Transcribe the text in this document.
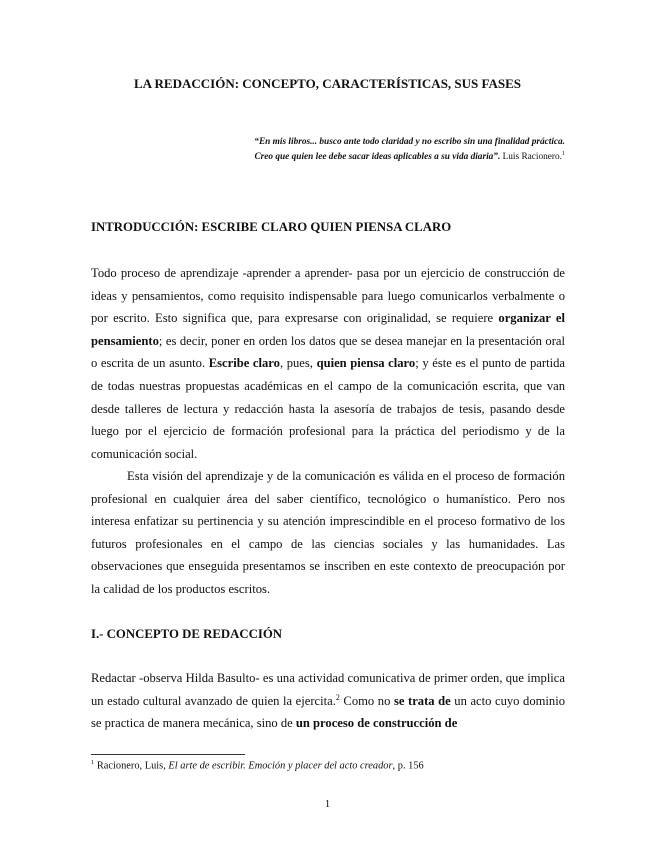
LA REDACCIÓN: CONCEPTO, CARACTERÍSTICAS, SUS FASES
“En mis libros... busco ante todo claridad y no escribo sin una finalidad práctica.
Creo que quien lee debe sacar ideas aplicables a su vida diaria”. Luis Racionero.$^1$
INTRODUCCIÓN: ESCRIBE CLARO QUIEN PIENSA CLARO

Todo proceso de aprendizaje -aprender a aprender- pasa por un ejercicio de construcción de ideas y pensamientos, como requisito indispensable para luego comunicarlos verbalmente o por escrito. Esto significa que, para expresarse con originalidad, se requiere organizar el pensamiento; es decir, poner en orden los datos que se desea manejar en la presentación oral o escrita de un asunto. Escribe claro, pues, quien piensa claro; y éste es el punto de partida de todas nuestras propuestas académicas en el campo de la comunicación escrita, que van desde talleres de lectura y redacción hasta la asesoría de trabajos de tesis, pasando desde luego por el ejercicio de formación profesional para la práctica del periodismo y de la comunicación social.

Esta visión del aprendizaje y de la comunicación es válida en el proceso de formación profesional en cualquier área del saber científico, tecnológico o humanístico. Pero nos interesa enfatizar su pertinencia y su atención imprescindible en el proceso formativo de los futuros profesionales en el campo de las ciencias sociales y las humanidades. Las observaciones que enseguida presentamos se inscriben en este contexto de preocupación por la calidad de los productos escritos.

I.- CONCEPTO DE REDACCIÓN

Redactar -observa Hilda Basulto- es una actividad comunicativa de primer orden, que implica un estado cultural avanzado de quien la ejercita.$^2$ Como no se trata de un acto cuyo dominio se practica de manera mecánica, sino de un proceso de construcción de

$^1$ Racionero, Luis, El arte de escribir. Emoción y placer del acto creador, p. 156
1
